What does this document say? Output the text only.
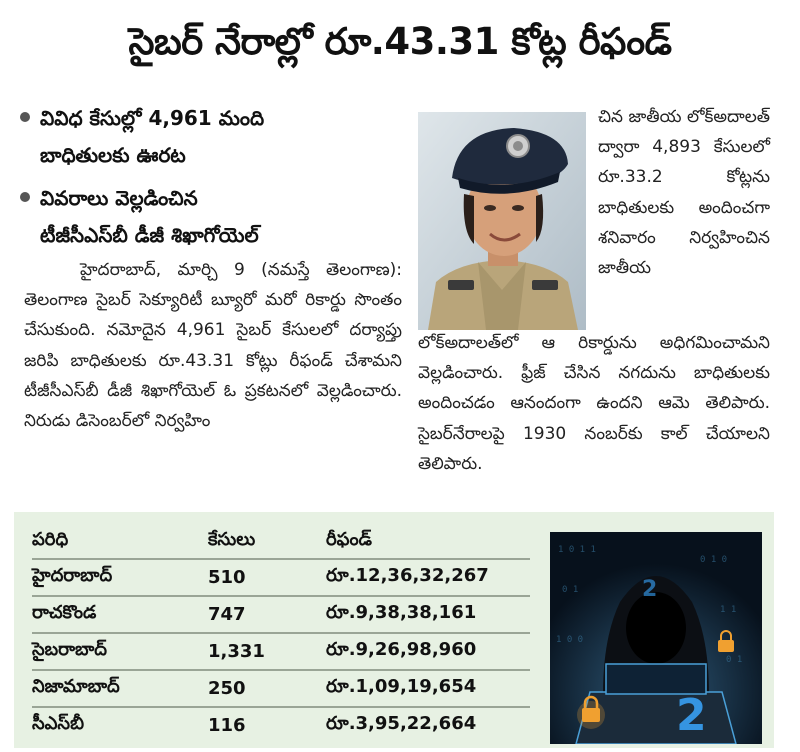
సైబర్ నేరాల్లో రూ.43.31 కోట్ల రీఫండ్
వివిధ కేసుల్లో 4,961 మంది
బాధితులకు ఊరట
వివరాలు వెల్లడించిన
టీజీసీఎస్‌బీ డీజీ శిఖాగోయెల్

హైదరాబాద్, మార్చి 9 (నమస్తే తెలంగాణ): తెలంగాణ సైబర్ సెక్యూరిటీ బ్యూరో మరో రికార్డు సొంతం చేసుకుంది. నమోదైన 4,961 సైబర్ కేసులలో దర్యాప్తు జరిపి బాధితులకు రూ.43.31 కోట్లు రీఫండ్ చేశామని టీజీసీఎస్‌బీ డీజీ శిఖాగోయెల్ ఓ ప్రకటనలో వెల్లడించారు. నిరుడు డిసెంబర్‌లో నిర్వహిం

చిన జాతీయ లోక్‌అదాలత్ ద్వారా 4,893 కేసులలో రూ.33.2 కోట్లను బాధితులకు అందించగా శనివారం నిర్వహించిన జాతీయ

లోక్‌అదాలత్‌లో ఆ రికార్డును అధిగమించామని వెల్లడించారు. ఫ్రీజ్ చేసిన నగదును బాధితులకు అందించడం ఆనందంగా ఉందని ఆమె తెలిపారు. సైబర్‌నేరాలపై 1930 నంబర్‌కు కాల్ చేయాలని తెలిపారు.

పరిధి	కేసులు	రీఫండ్
హైదరాబాద్	510	రూ.12,36,32,267
రాచకొండ	747	రూ.9,38,38,161
సైబరాబాద్	1,331	రూ.9,26,98,960
నిజామాబాద్	250	రూ.1,09,19,654
సీఎస్‌బీ	116	రూ.3,95,22,664
1 0 1 1
0 1 0
0 1
1 1
1 0 0
0 1
2
2
